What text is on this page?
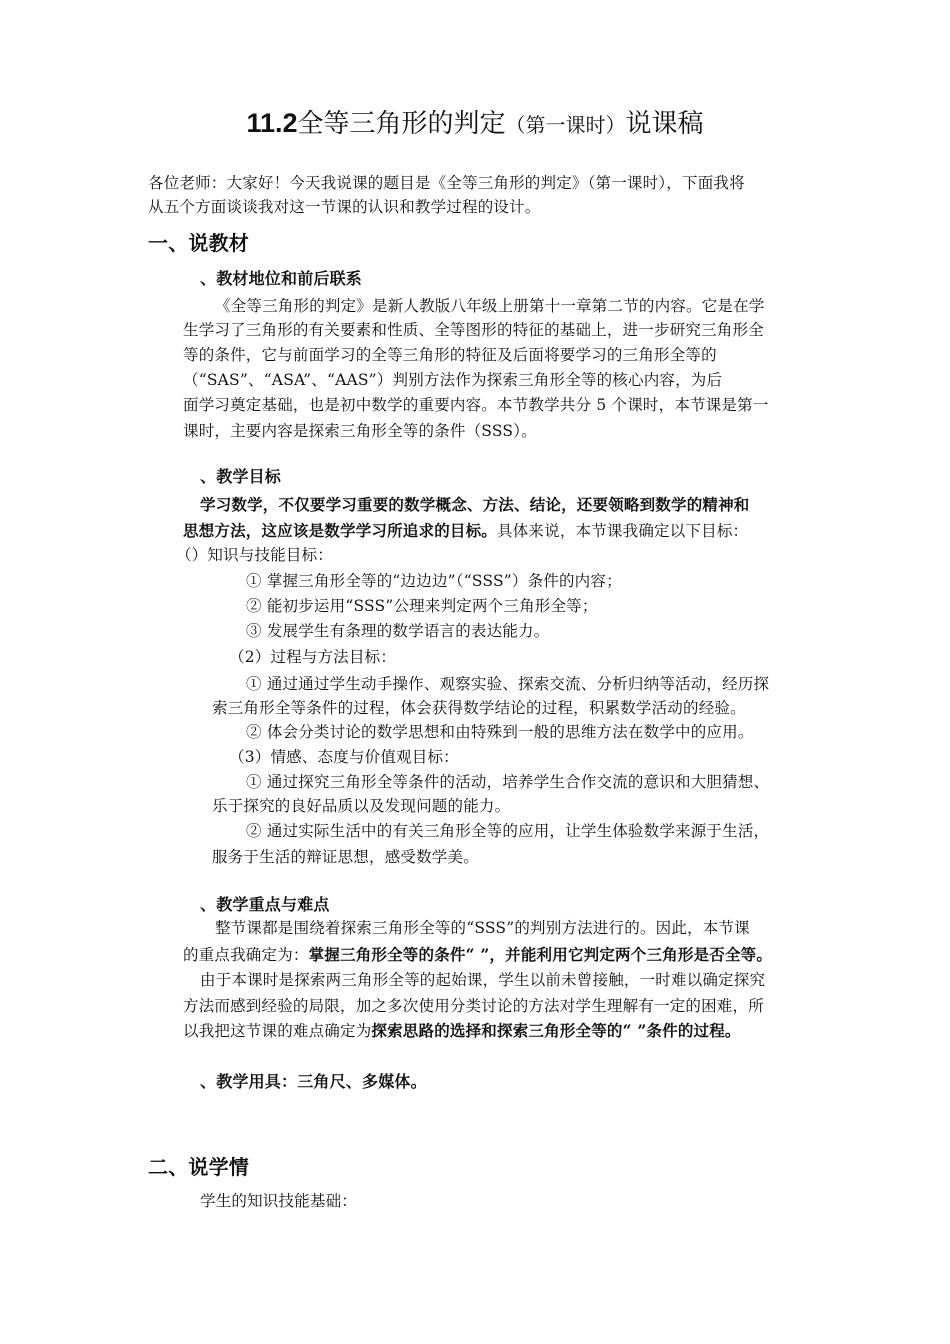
11.2全等三角形的判定（第一课时）说课稿
各位老师：大家好！今天我说课的题目是《全等三角形的判定》（第一课时），下面我将
从五个方面谈谈我对这一节课的认识和教学过程的设计。
一、说教材
、教材地位和前后联系
《全等三角形的判定》是新人教版八年级上册第十一章第二节的内容。它是在学
生学习了三角形的有关要素和性质、全等图形的特征的基础上，进一步研究三角形全
等的条件，它与前面学习的全等三角形的特征及后面将要学习的三角形全等的
（“SAS”、“ASA”、“AAS”）判别方法作为探索三角形全等的核心内容，为后
面学习奠定基础，也是初中数学的重要内容。本节教学共分 5 个课时，本节课是第一
课时，主要内容是探索三角形全等的条件（SSS）。
、教学目标
学习数学，不仅要学习重要的数学概念、方法、结论，还要领略到数学的精神和
思想方法，这应该是数学学习所追求的目标。具体来说，本节课我确定以下目标：
（）知识与技能目标：
① 掌握三角形全等的“边边边”（“SSS”）条件的内容；
② 能初步运用“SSS”公理来判定两个三角形全等；
③ 发展学生有条理的数学语言的表达能力。
（2）过程与方法目标：
① 通过通过学生动手操作、观察实验、探索交流、分析归纳等活动，经历探
索三角形全等条件的过程，体会获得数学结论的过程，积累数学活动的经验。
② 体会分类讨论的数学思想和由特殊到一般的思维方法在数学中的应用。
（3）情感、态度与价值观目标：
① 通过探究三角形全等条件的活动，培养学生合作交流的意识和大胆猜想、
乐于探究的良好品质以及发现问题的能力。
② 通过实际生活中的有关三角形全等的应用，让学生体验数学来源于生活，
服务于生活的辩证思想，感受数学美。
、教学重点与难点
整节课都是围绕着探索三角形全等的“SSS”的判别方法进行的。因此，本节课
的重点我确定为：掌握三角形全等的条件“ ”，并能利用它判定两个三角形是否全等。
由于本课时是探索两三角形全等的起始课，学生以前未曾接触，一时难以确定探究
方法而感到经验的局限，加之多次使用分类讨论的方法对学生理解有一定的困难，所
以我把这节课的难点确定为探索思路的选择和探索三角形全等的“ ”条件的过程。
、教学用具：三角尺、多媒体。
二、说学情
学生的知识技能基础：
